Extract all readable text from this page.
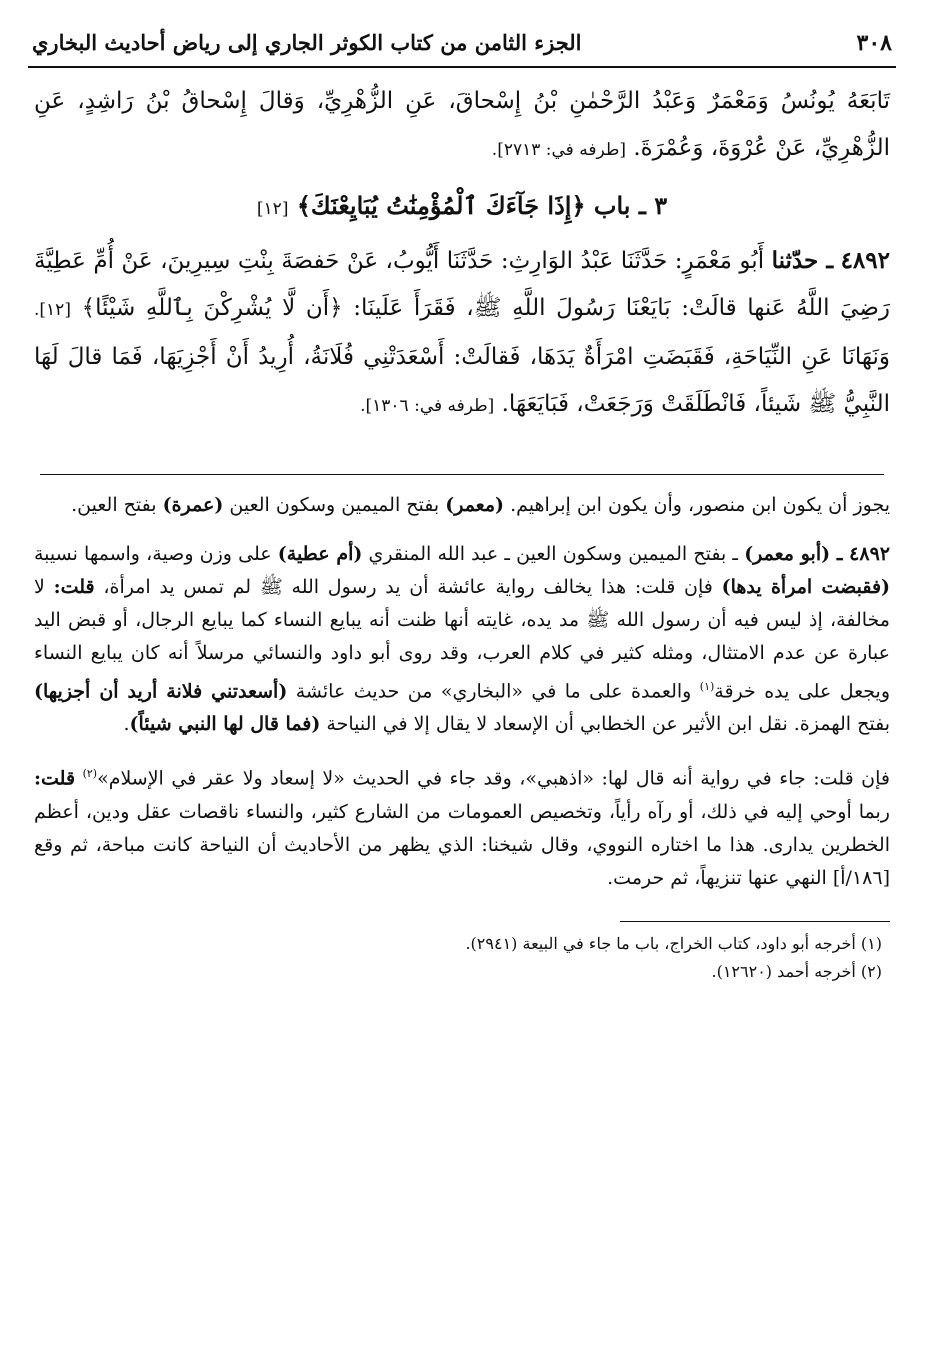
٣٠٨
الجزء الثامن من كتاب الكوثر الجاري إلى رياض أحاديث البخاري

تَابَعَهُ يُونُسُ وَمَعْمَرٌ وَعَبْدُ الرَّحْمٰنِ بْنُ إِسْحاقَ، عَنِ الزُّهْرِيِّ، وَقالَ إِسْحاقُ بْنُ رَاشِدٍ، عَنِ الزُّهْرِيِّ، عَنْ عُرْوَةَ، وَعُمْرَةَ. [طرفه في: ٢٧١٣].

٣ ـ باب ﴿إِذَا جَآءَكَ ٱلْمُؤْمِنَٰتُ يُبَايِعْنَكَ﴾ [١٢]

٤٨٩٢ ـ حدّثنا أَبُو مَعْمَرٍ: حَدَّثَنَا عَبْدُ الوَارِثِ: حَدَّثَنَا أَيُّوبُ، عَنْ حَفصَةَ بِنْتِ سِيرِينَ، عَنْ أُمِّ عَطِيَّةَ رَضِيَ اللَّهُ عَنها قالَتْ: بَايَعْنَا رَسُولَ اللَّهِ ﷺ، فَقَرَأَ عَلَينَا: ﴿أَن لَّا يُشْرِكْنَ بِٱللَّهِ شَيْئًا﴾ [١٢]. وَنَهَانَا عَنِ النِّيَاحَةِ، فَقَبَضَتِ امْرَأَةٌ يَدَهَا، فَقالَتْ: أَسْعَدَتْنِي فُلَانَةُ، أُرِيدُ أَنْ أَجْزِيَهَا، فَمَا قالَ لَهَا النَّبِيُّ ﷺ شَيئاً، فَانْطَلَقَتْ وَرَجَعَتْ، فَبَايَعَهَا. [طرفه في: ١٣٠٦].

يجوز أن يكون ابن منصور، وأن يكون ابن إبراهيم. (معمر) بفتح الميمين وسكون العين (عمرة) بفتح العين.

٤٨٩٢ ـ (أبو معمر) ـ بفتح الميمين وسكون العين ـ عبد الله المنقري (أم عطية) على وزن وصية، واسمها نسيبة (فقبضت امرأة يدها) فإن قلت: هذا يخالف رواية عائشة أن يد رسول الله ﷺ لم تمس يد امرأة، قلت: لا مخالفة، إذ ليس فيه أن رسول الله ﷺ مد يده، غايته أنها ظنت أنه يبايع النساء كما يبايع الرجال، أو قبض اليد عبارة عن عدم الامتثال، ومثله كثير في كلام العرب، وقد روى أبو داود والنسائي مرسلاً أنه كان يبايع النساء ويجعل على يده خرقة$^{(١)}$ والعمدة على ما في «البخاري» من حديث عائشة (أسعدتني فلانة أريد أن أجزيها) بفتح الهمزة. نقل ابن الأثير عن الخطابي أن الإسعاد لا يقال إلا في النياحة (فما قال لها النبي شيئاً).

فإن قلت: جاء في رواية أنه قال لها: «اذهبي»، وقد جاء في الحديث «لا إسعاد ولا عقر في الإسلام»$^{(٢)}$ قلت: ربما أوحي إليه في ذلك، أو رآه رأياً، وتخصيص العمومات من الشارع كثير، والنساء ناقصات عقل ودين، أعظم الخطرين يدارى. هذا ما اختاره النووي، وقال شيخنا: الذي يظهر من الأحاديث أن النياحة كانت مباحة، ثم وقع [١٨٦/أ] النهي عنها تنزيهاً، ثم حرمت.

(١) أخرجه أبو داود، كتاب الخراج، باب ما جاء في البيعة (٢٩٤١).
(٢) أخرجه أحمد (١٢٦٢٠).
